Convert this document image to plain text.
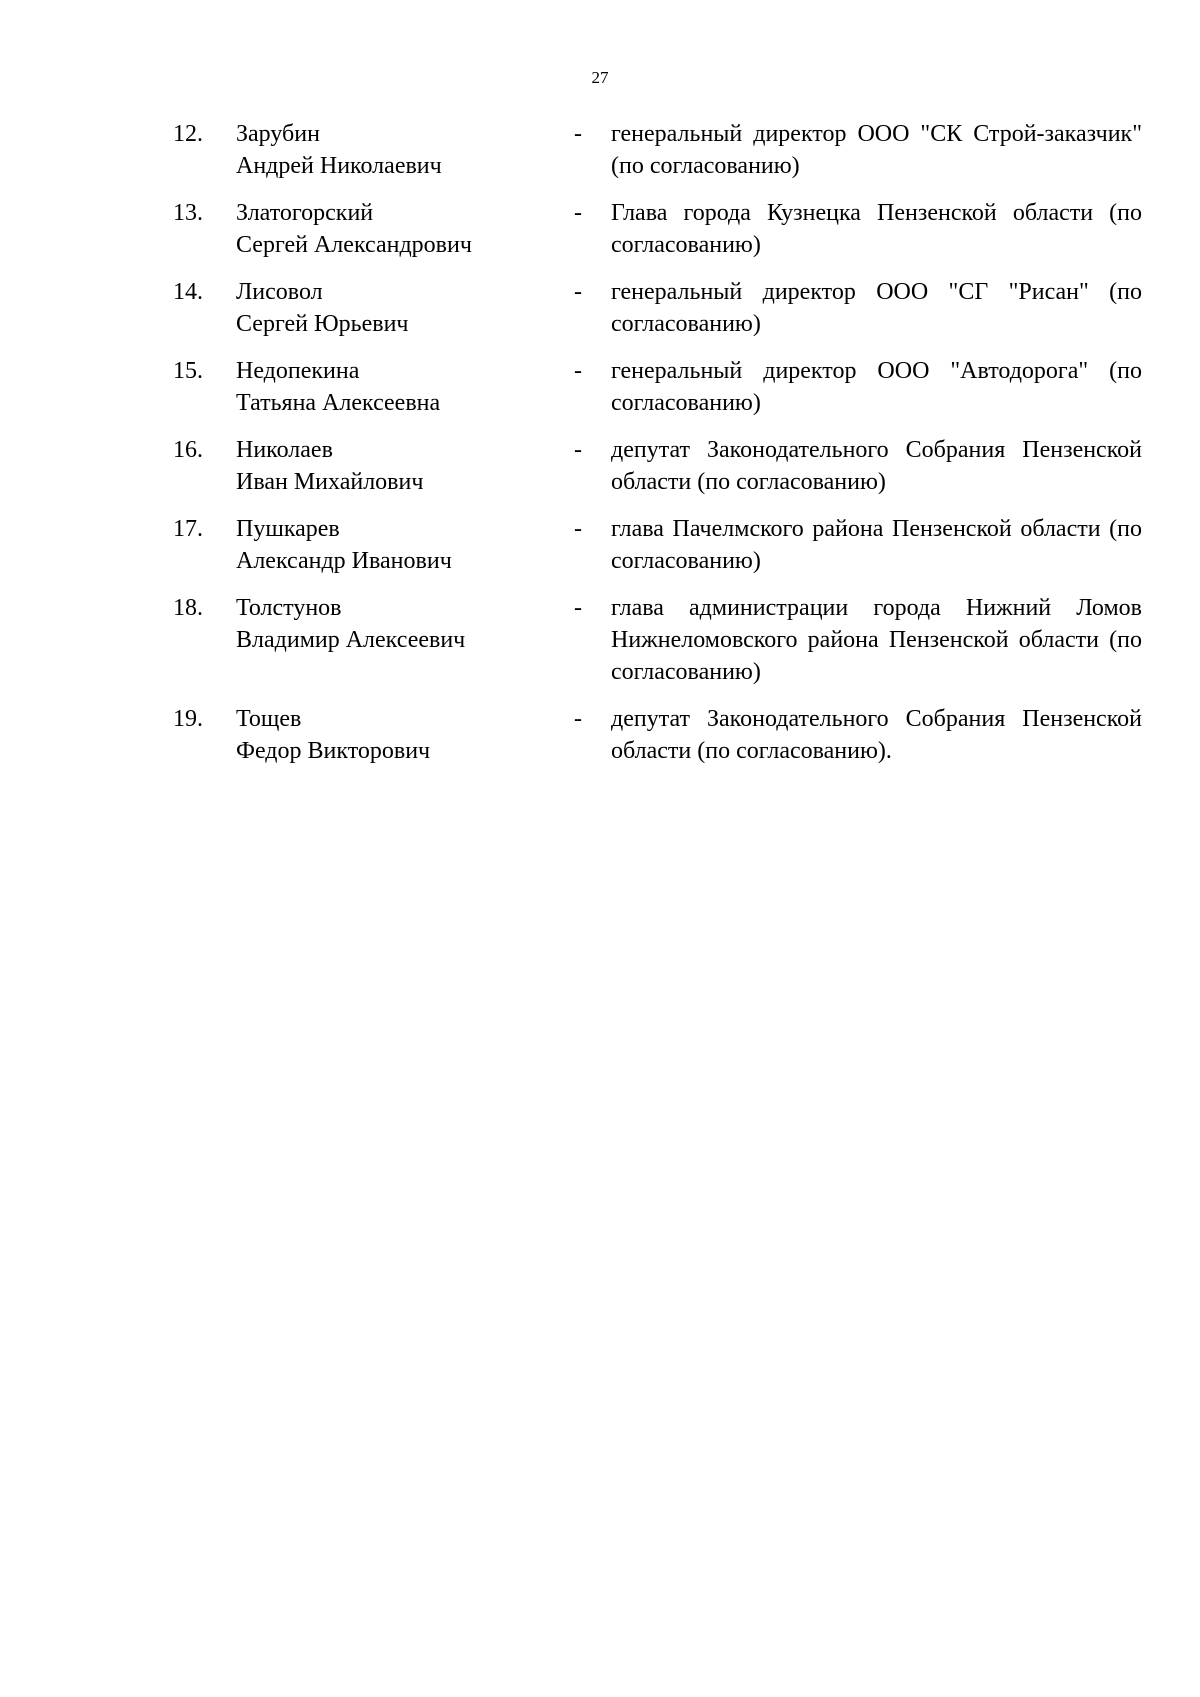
27
12.	Зарубин
Андрей Николаевич
-	генеральный директор ООО "СК Строй-заказчик" (по согласованию)
13.	Златогорский
Сергей Александрович
-	Глава города Кузнецка Пензенской области (по согласованию)
14.	Лисовол
Сергей Юрьевич
-	генеральный директор ООО "СГ "Рисан" (по согласованию)
15.	Недопекина
Татьяна Алексеевна
-	генеральный директор ООО "Автодорога" (по согласованию)
16.	Николаев
Иван Михайлович
-	депутат Законодательного Собрания Пензенской области (по согласованию)
17.	Пушкарев
Александр Иванович
-	глава Пачелмского района Пензенской области (по согласованию)
18.	Толстунов
Владимир Алексеевич
-	глава администрации города Нижний Ломов Нижнеломовского района Пензенской области (по согласованию)
19.	Тощев
Федор Викторович
-	депутат Законодательного Собрания Пензенской области (по согласованию).
